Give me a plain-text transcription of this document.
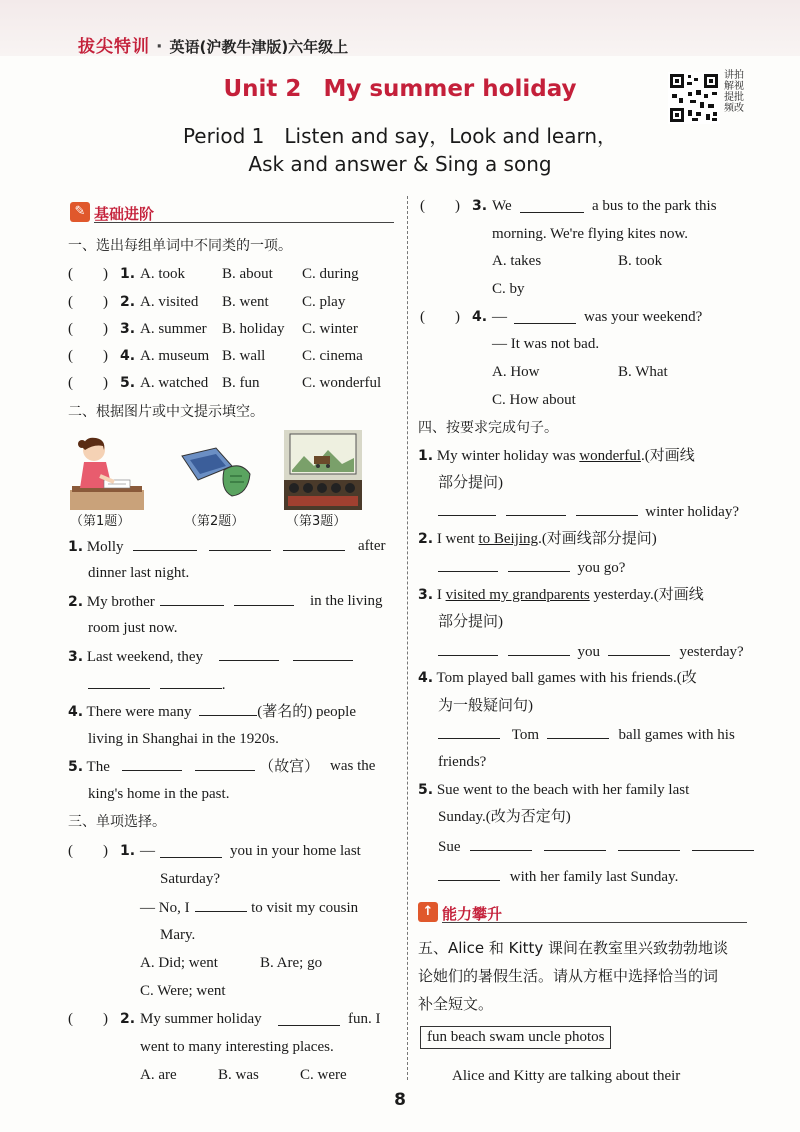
拔尖特训 · 英语(沪教牛津版)六年级上
Unit 2 My summer holiday
Period 1　Listen and say，Look and learn，
Ask and answer & Sing a song
讲拍解视提批频改
✎ 基础进阶
一、选出每组单词中不同类的一项。
(　　) 1. A. took B. about C. during
(　　) 2. A. visited B. went C. play
(　　) 3. A. summer B. holiday C. winter
(　　) 4. A. museum B. wall C. cinema
(　　) 5. A. watched B. fun	C. wonderful
二、根据图片或中文提示填空。
（第1题）	（第2题）	（第3题）
1. Molly	after
dinner last night.
2. My brother	in the living
room just now.
3. Last weekend, they
.
4. There were many	(著名的) people
living in Shanghai in the 1920s.
5. The	（故宫） was the
king's home in the past.
三、单项选择。
(　　) 1. —	you in your home last
Saturday?
— No, I	to visit my cousin
Mary.
A. Did; went	B. Are; go
C. Were; went
(　　) 2. My summer holiday	fun. I
went to many interesting places.
A. are	B. was	C. were
(　　) 3. We	a bus to the park this
morning. We're flying kites now.
A. takes	B. took
C. by
(　　) 4. —	was your weekend?
— It was not bad.
A. How	B. What
C. How about
四、按要求完成句子。
1. My winter holiday was wonderful.(对画线
部分提问)
winter holiday?
2. I went to Beijing.(对画线部分提问)
you go?
3. I visited my grandparents yesterday.(对画线
部分提问)
you	yesterday?
4. Tom played ball games with his friends.(改
为一般疑问句)
Tom	ball games with his
friends?
5. Sue went to the beach with her family last
Sunday.(改为否定句)
Sue
with her family last Sunday.
↑ 能力攀升
五、Alice 和 Kitty 课间在教室里兴致勃勃地谈
论她们的暑假生活。请从方框中选择恰当的词
补全短文。
fun beach swam uncle photos
Alice and Kitty are talking about their
8
